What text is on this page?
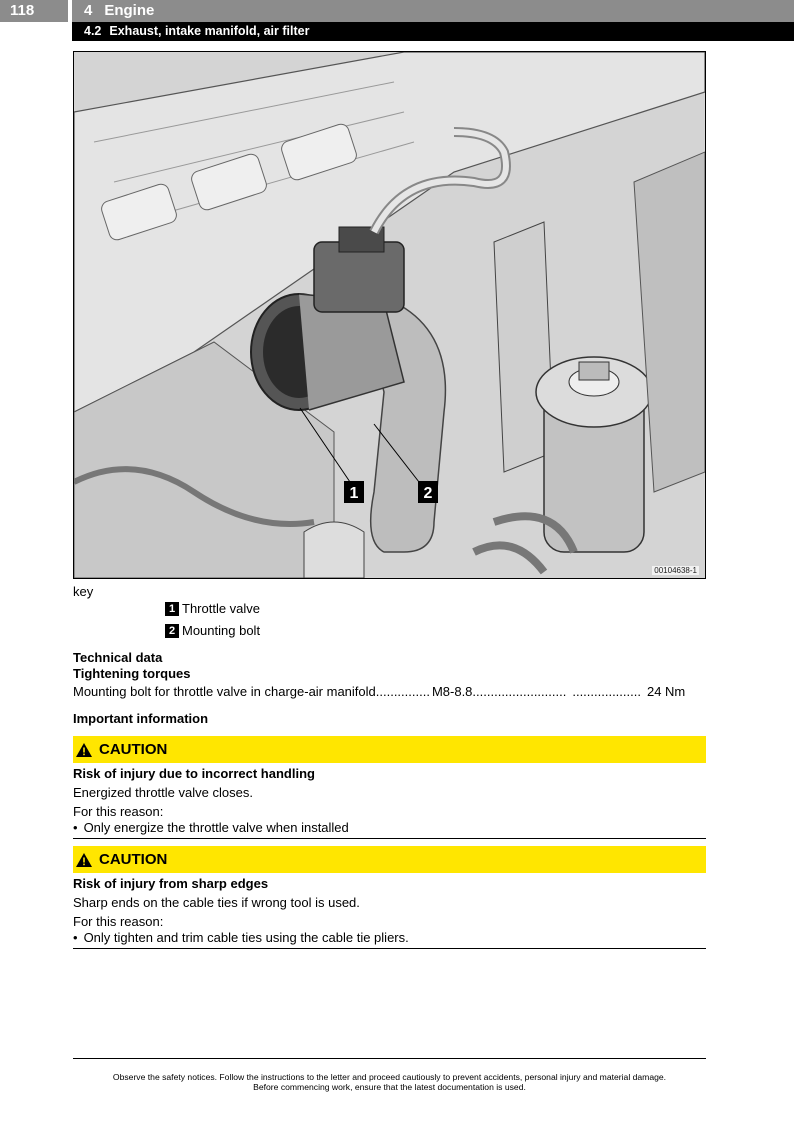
118	4 Engine
4.2 Exhaust, intake manifold, air filter
1	2
00104638-1
key
1 Throttle valve
2 Mounting bolt
Technical data
Tightening torques
Mounting bolt for throttle valve in charge-air manifold ............... M8-8.8 .......................... ................... 24 Nm
Important information
CAUTION
Risk of injury due to incorrect handling
Energized throttle valve closes.
For this reason:
• Only energize the throttle valve when installed
CAUTION
Risk of injury from sharp edges
Sharp ends on the cable ties if wrong tool is used.
For this reason:
• Only tighten and trim cable ties using the cable tie pliers.
Observe the safety notices. Follow the instructions to the letter and proceed cautiously to prevent accidents, personal injury and material damage.
Before commencing work, ensure that the latest documentation is used.
